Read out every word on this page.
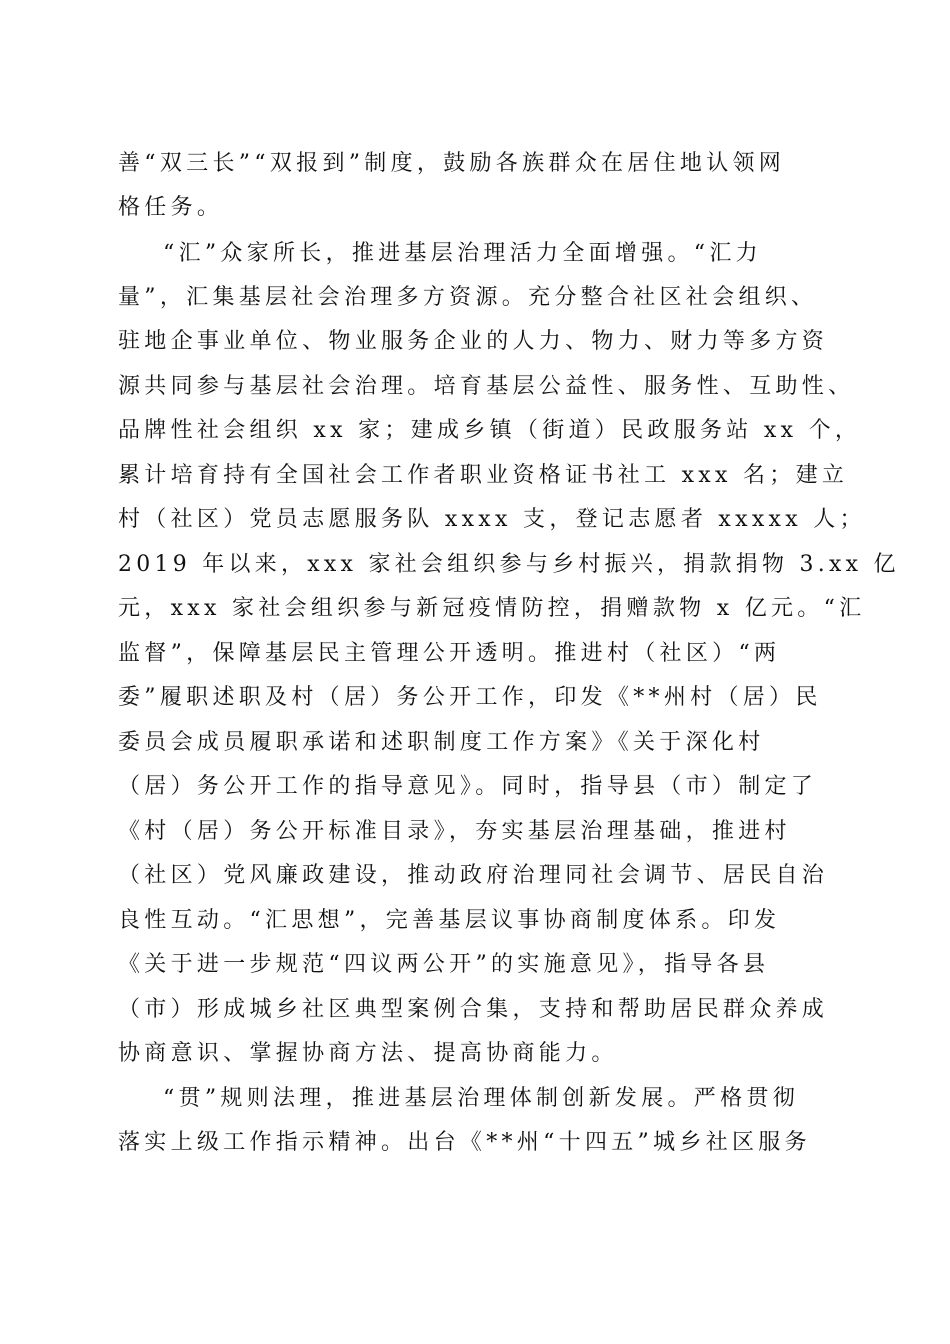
善“双三长”“双报到”制度，鼓励各族群众在居住地认领网
格任务。
“汇”众家所长，推进基层治理活力全面增强。“汇力
量”，汇集基层社会治理多方资源。充分整合社区社会组织、
驻地企事业单位、物业服务企业的人力、物力、财力等多方资
源共同参与基层社会治理。培育基层公益性、服务性、互助性、
品牌性社会组织 xx 家；建成乡镇（街道）民政服务站 xx 个，
累计培育持有全国社会工作者职业资格证书社工 xxx 名；建立
村（社区）党员志愿服务队 xxxx 支，登记志愿者 xxxxx 人；
2019 年以来，xxx 家社会组织参与乡村振兴，捐款捐物 3.xx 亿
元，xxx 家社会组织参与新冠疫情防控，捐赠款物 x 亿元。“汇
监督”，保障基层民主管理公开透明。推进村（社区）“两
委”履职述职及村（居）务公开工作，印发《**州村（居）民
委员会成员履职承诺和述职制度工作方案》《关于深化村
（居）务公开工作的指导意见》。同时，指导县（市）制定了
《村（居）务公开标准目录》，夯实基层治理基础，推进村
（社区）党风廉政建设，推动政府治理同社会调节、居民自治
良性互动。“汇思想”，完善基层议事协商制度体系。印发
《关于进一步规范“四议两公开”的实施意见》，指导各县
（市）形成城乡社区典型案例合集，支持和帮助居民群众养成
协商意识、掌握协商方法、提高协商能力。
“贯”规则法理，推进基层治理体制创新发展。严格贯彻
落实上级工作指示精神。出台《**州“十四五”城乡社区服务
